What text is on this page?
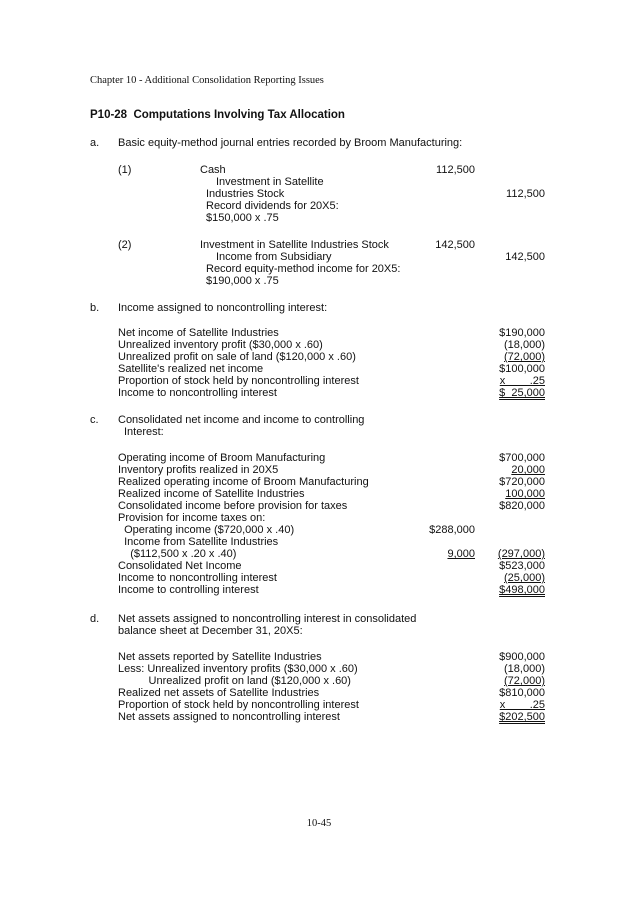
Chapter 10 - Additional Consolidation Reporting Issues
P10-28  Computations Involving Tax Allocation
a. Basic equity-method journal entries recorded by Broom Manufacturing:
(1)	Cash	112,500
Investment in Satellite
Industries Stock	112,500
Record dividends for 20X5:
$150,000 x .75
(2)	Investment in Satellite Industries Stock	142,500
Income from Subsidiary	142,500
Record equity-method income for 20X5:
$190,000 x .75
b. Income assigned to noncontrolling interest:
Net income of Satellite Industries	$190,000
Unrealized inventory profit ($30,000 x .60)	(18,000)
Unrealized profit on sale of land ($120,000 x .60)	(72,000)
Satellite's realized net income	$100,000
Proportion of stock held by noncontrolling interest	x        .25
Income to noncontrolling interest	$  25,000
c. Consolidated net income and income to controlling
Interest:
Operating income of Broom Manufacturing	$700,000
Inventory profits realized in 20X5	20,000
Realized operating income of Broom Manufacturing	$720,000
Realized income of Satellite Industries	100,000
Consolidated income before provision for taxes	$820,000
Provision for income taxes on:
Operating income ($720,000 x .40)	$288,000
Income from Satellite Industries
($112,500 x .20 x .40)	9,000	(297,000)
Consolidated Net Income	$523,000
Income to noncontrolling interest	(25,000)
Income to controlling interest	$498,000
d. Net assets assigned to noncontrolling interest in consolidated
balance sheet at December 31, 20X5:
Net assets reported by Satellite Industries	$900,000
Less: Unrealized inventory profits ($30,000 x .60)	(18,000)
Unrealized profit on land ($120,000 x .60)	(72,000)
Realized net assets of Satellite Industries	$810,000
Proportion of stock held by noncontrolling interest	x        .25
Net assets assigned to noncontrolling interest	$202,500
10-45
